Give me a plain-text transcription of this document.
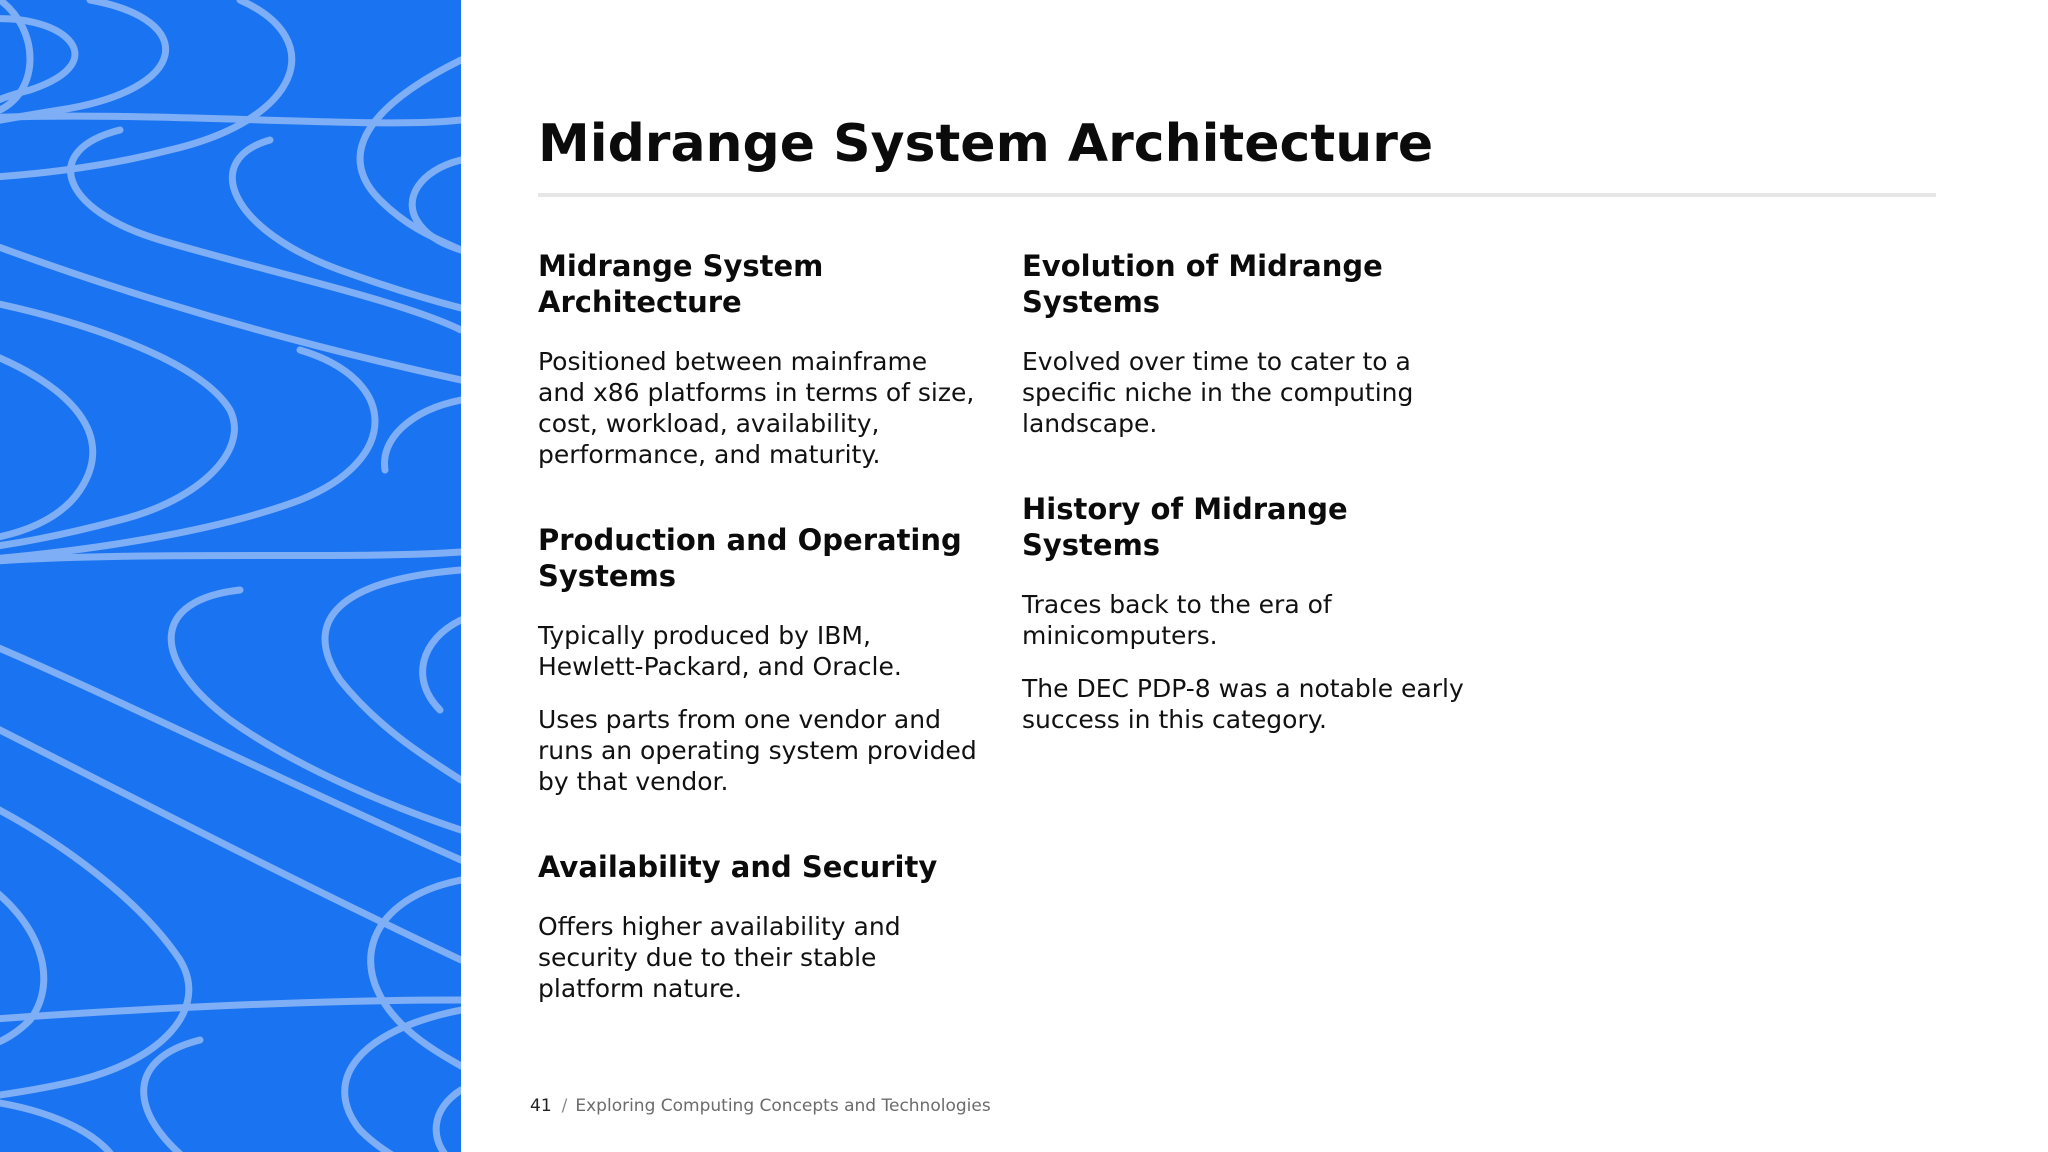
Midrange System Architecture
Midrange System Architecture

Positioned between mainframe and x86 platforms in terms of size, cost, workload, availability, performance, and maturity.

Production and Operating Systems

Typically produced by IBM, Hewlett-Packard, and Oracle.

Uses parts from one vendor and runs an operating system provided by that vendor.

Availability and Security

Offers higher availability and security due to their stable platform nature.

Evolution of Midrange Systems

Evolved over time to cater to a specific niche in the computing landscape.

History of Midrange Systems

Traces back to the era of minicomputers.

The DEC PDP-8 was a notable early success in this category.

41 / Exploring Computing Concepts and Technologies
